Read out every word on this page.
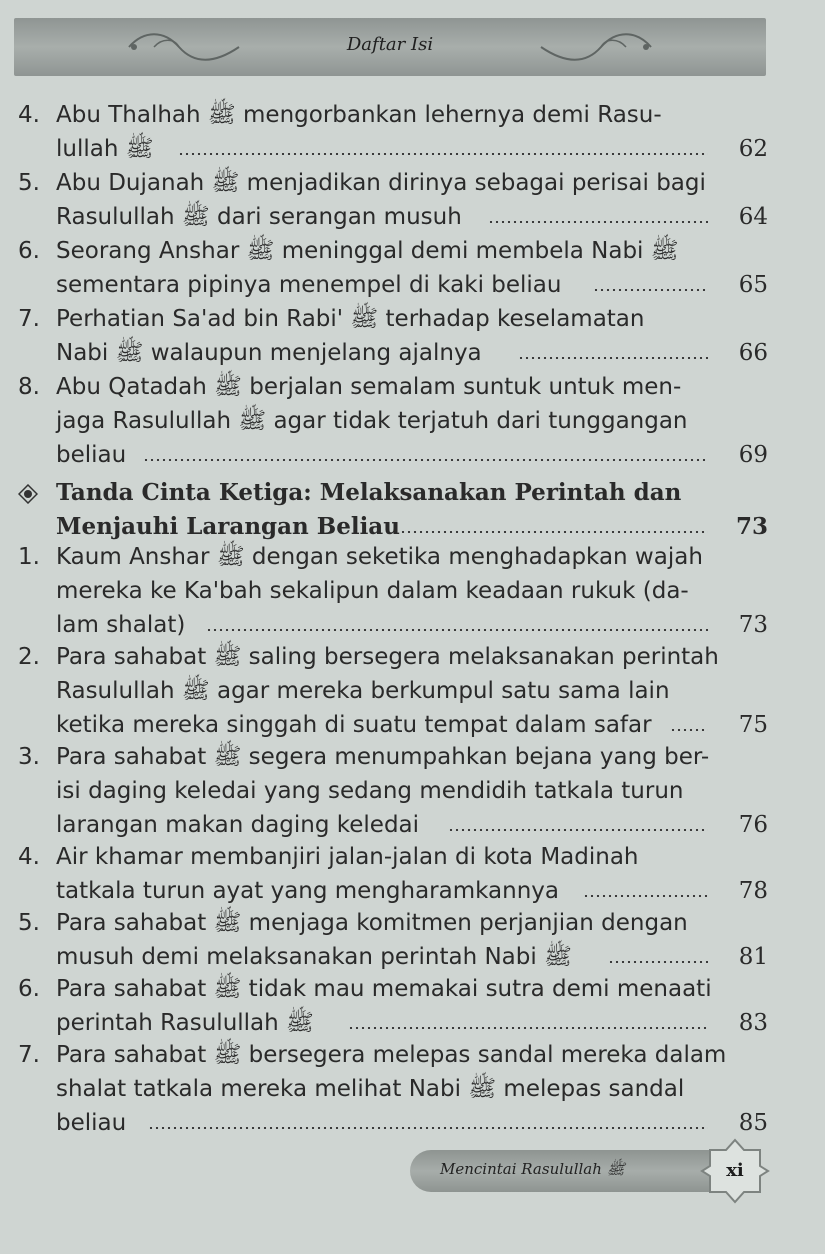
Daftar Isi
4. Abu Thalhah ﷺ mengorbankan lehernya demi Rasu-
lullah ﷺ	62
5. Abu Dujanah ﷺ menjadikan dirinya sebagai perisai bagi
Rasulullah ﷺ dari serangan musuh	64
6. Seorang Anshar ﷺ meninggal demi membela Nabi ﷺ
sementara pipinya menempel di kaki beliau	65
7. Perhatian Sa'ad bin Rabi' ﷺ terhadap keselamatan
Nabi ﷺ walaupun menjelang ajalnya	66
8. Abu Qatadah ﷺ berjalan semalam suntuk untuk men-
jaga Rasulullah ﷺ agar tidak terjatuh dari tunggangan
beliau	69
Tanda Cinta Ketiga: Melaksanakan Perintah dan
Menjauhi Larangan Beliau	73
1. Kaum Anshar ﷺ dengan seketika menghadapkan wajah
mereka ke Ka'bah sekalipun dalam keadaan rukuk (da-
lam shalat)	73
2. Para sahabat ﷺ saling bersegera melaksanakan perintah
Rasulullah ﷺ agar mereka berkumpul satu sama lain
ketika mereka singgah di suatu tempat dalam safar	75
3. Para sahabat ﷺ segera menumpahkan bejana yang ber-
isi daging keledai yang sedang mendidih tatkala turun
larangan makan daging keledai	76
4. Air khamar membanjiri jalan-jalan di kota Madinah
tatkala turun ayat yang mengharamkannya	78
5. Para sahabat ﷺ menjaga komitmen perjanjian dengan
musuh demi melaksanakan perintah Nabi ﷺ	81
6. Para sahabat ﷺ tidak mau memakai sutra demi menaati
perintah Rasulullah ﷺ	83
7. Para sahabat ﷺ bersegera melepas sandal mereka dalam
shalat tatkala mereka melihat Nabi ﷺ melepas sandal
beliau	85
Mencintai Rasulullah ﷺ	xi
